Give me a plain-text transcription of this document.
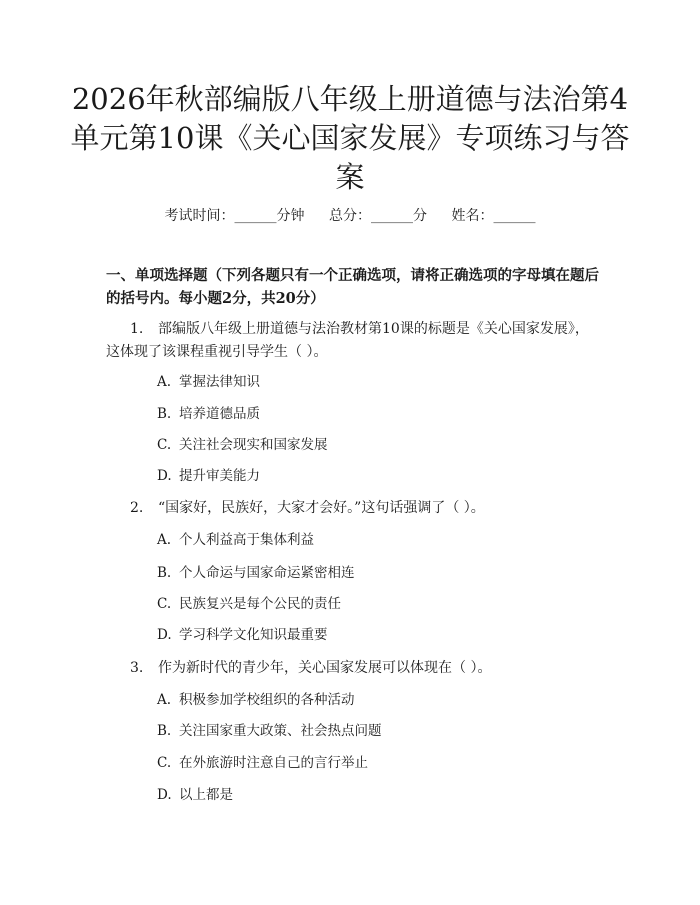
2026年秋部编版八年级上册道德与法治第4单元第10课《关心国家发展》专项练习与答案
考试时间：______分钟 总分：______分 姓名：______
一、单项选择题（下列各题只有一个正确选项，请将正确选项的字母填在题后的括号内。每小题2分，共20分）
1. 部编版八年级上册道德与法治教材第10课的标题是《关心国家发展》，这体现了该课程重视引导学生（ ）。
A. 掌握法律知识
B. 培养道德品质
C. 关注社会现实和国家发展
D. 提升审美能力
2. “国家好，民族好，大家才会好。”这句话强调了（ ）。
A. 个人利益高于集体利益
B. 个人命运与国家命运紧密相连
C. 民族复兴是每个公民的责任
D. 学习科学文化知识最重要
3. 作为新时代的青少年，关心国家发展可以体现在（ ）。
A. 积极参加学校组织的各种活动
B. 关注国家重大政策、社会热点问题
C. 在外旅游时注意自己的言行举止
D. 以上都是
